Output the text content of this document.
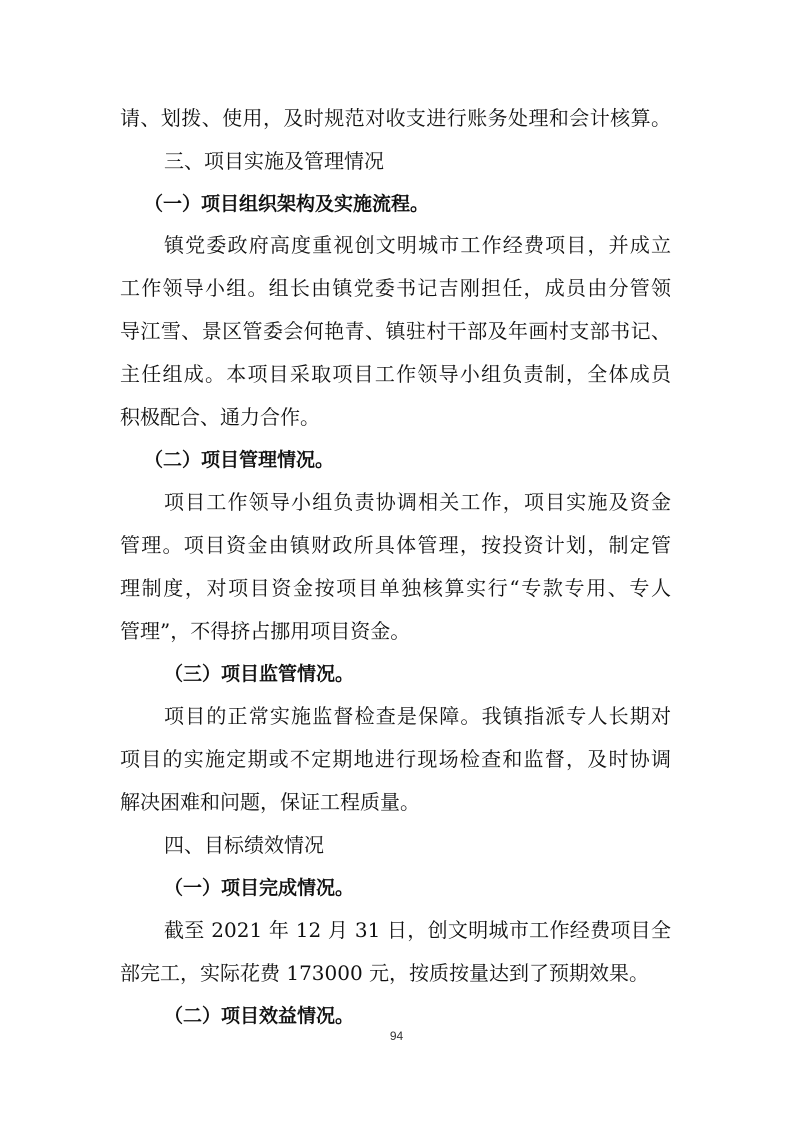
请、划拨、使用，及时规范对收支进行账务处理和会计核算。
三、项目实施及管理情况
（一）项目组织架构及实施流程。
镇党委政府高度重视创文明城市工作经费项目，并成立
工作领导小组。组长由镇党委书记吉刚担任，成员由分管领
导江雪、景区管委会何艳青、镇驻村干部及年画村支部书记、
主任组成。本项目采取项目工作领导小组负责制，全体成员
积极配合、通力合作。
（二）项目管理情况。
项目工作领导小组负责协调相关工作，项目实施及资金
管理。项目资金由镇财政所具体管理，按投资计划，制定管
理制度，对项目资金按项目单独核算实行“专款专用、专人
管理”，不得挤占挪用项目资金。
（三）项目监管情况。
项目的正常实施监督检查是保障。我镇指派专人长期对
项目的实施定期或不定期地进行现场检查和监督，及时协调
解决困难和问题，保证工程质量。
四、目标绩效情况
（一）项目完成情况。
截至 2021 年 12 月 31 日，创文明城市工作经费项目全
部完工，实际花费 173000 元，按质按量达到了预期效果。
（二）项目效益情况。
94
